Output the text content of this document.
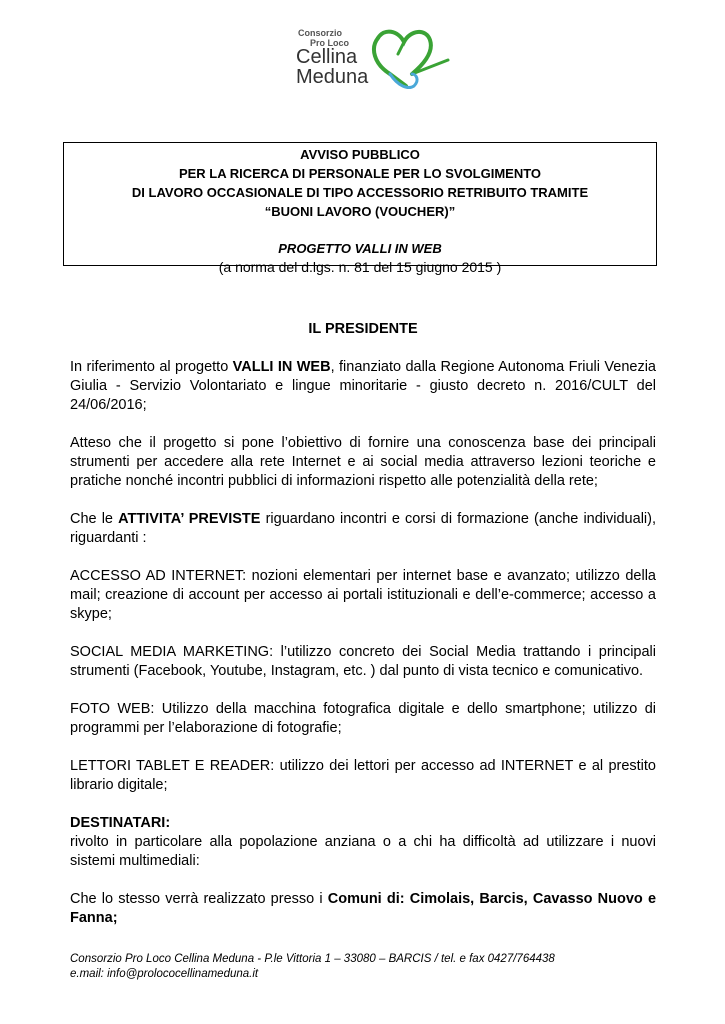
Consorzio
Pro Loco
Cellina
Meduna
AVVISO PUBBLICO
PER LA RICERCA DI PERSONALE PER LO SVOLGIMENTO
DI LAVORO OCCASIONALE DI TIPO ACCESSORIO RETRIBUITO TRAMITE
“BUONI LAVORO (VOUCHER)”
PROGETTO VALLI IN WEB
(a norma del d.lgs. n. 81 del 15 giugno 2015 )

IL PRESIDENTE

In riferimento al progetto VALLI IN WEB, finanziato dalla Regione Autonoma Friuli Venezia Giulia - Servizio Volontariato e lingue minoritarie - giusto decreto n. 2016/CULT del 24/06/2016;

Atteso che il progetto si pone l’obiettivo di fornire una conoscenza base dei principali strumenti per accedere alla rete Internet e ai social media attraverso lezioni teoriche e pratiche nonché incontri pubblici di informazioni rispetto alle potenzialità della rete;

Che le ATTIVITA’ PREVISTE riguardano incontri e corsi di formazione (anche individuali), riguardanti :

ACCESSO AD INTERNET: nozioni elementari per internet base e avanzato; utilizzo della mail; creazione di account per accesso ai portali istituzionali e dell’e-commerce; accesso a skype;

SOCIAL MEDIA MARKETING: l’utilizzo concreto dei Social Media trattando i principali strumenti (Facebook, Youtube, Instagram, etc. ) dal punto di vista tecnico e comunicativo.

FOTO WEB: Utilizzo della macchina fotografica digitale e dello smartphone; utilizzo di programmi per l’elaborazione di fotografie;

LETTORI TABLET E READER: utilizzo dei lettori per accesso ad INTERNET e al prestito librario digitale;

DESTINATARI:

rivolto in particolare alla popolazione anziana o a chi ha difficoltà ad utilizzare i nuovi sistemi multimediali:

Che lo stesso verrà realizzato presso i Comuni di: Cimolais, Barcis, Cavasso Nuovo e Fanna;

Consorzio Pro Loco Cellina Meduna - P.le Vittoria 1 – 33080 – BARCIS / tel. e fax 0427/764438
e.mail: info@prolococellinameduna.it
